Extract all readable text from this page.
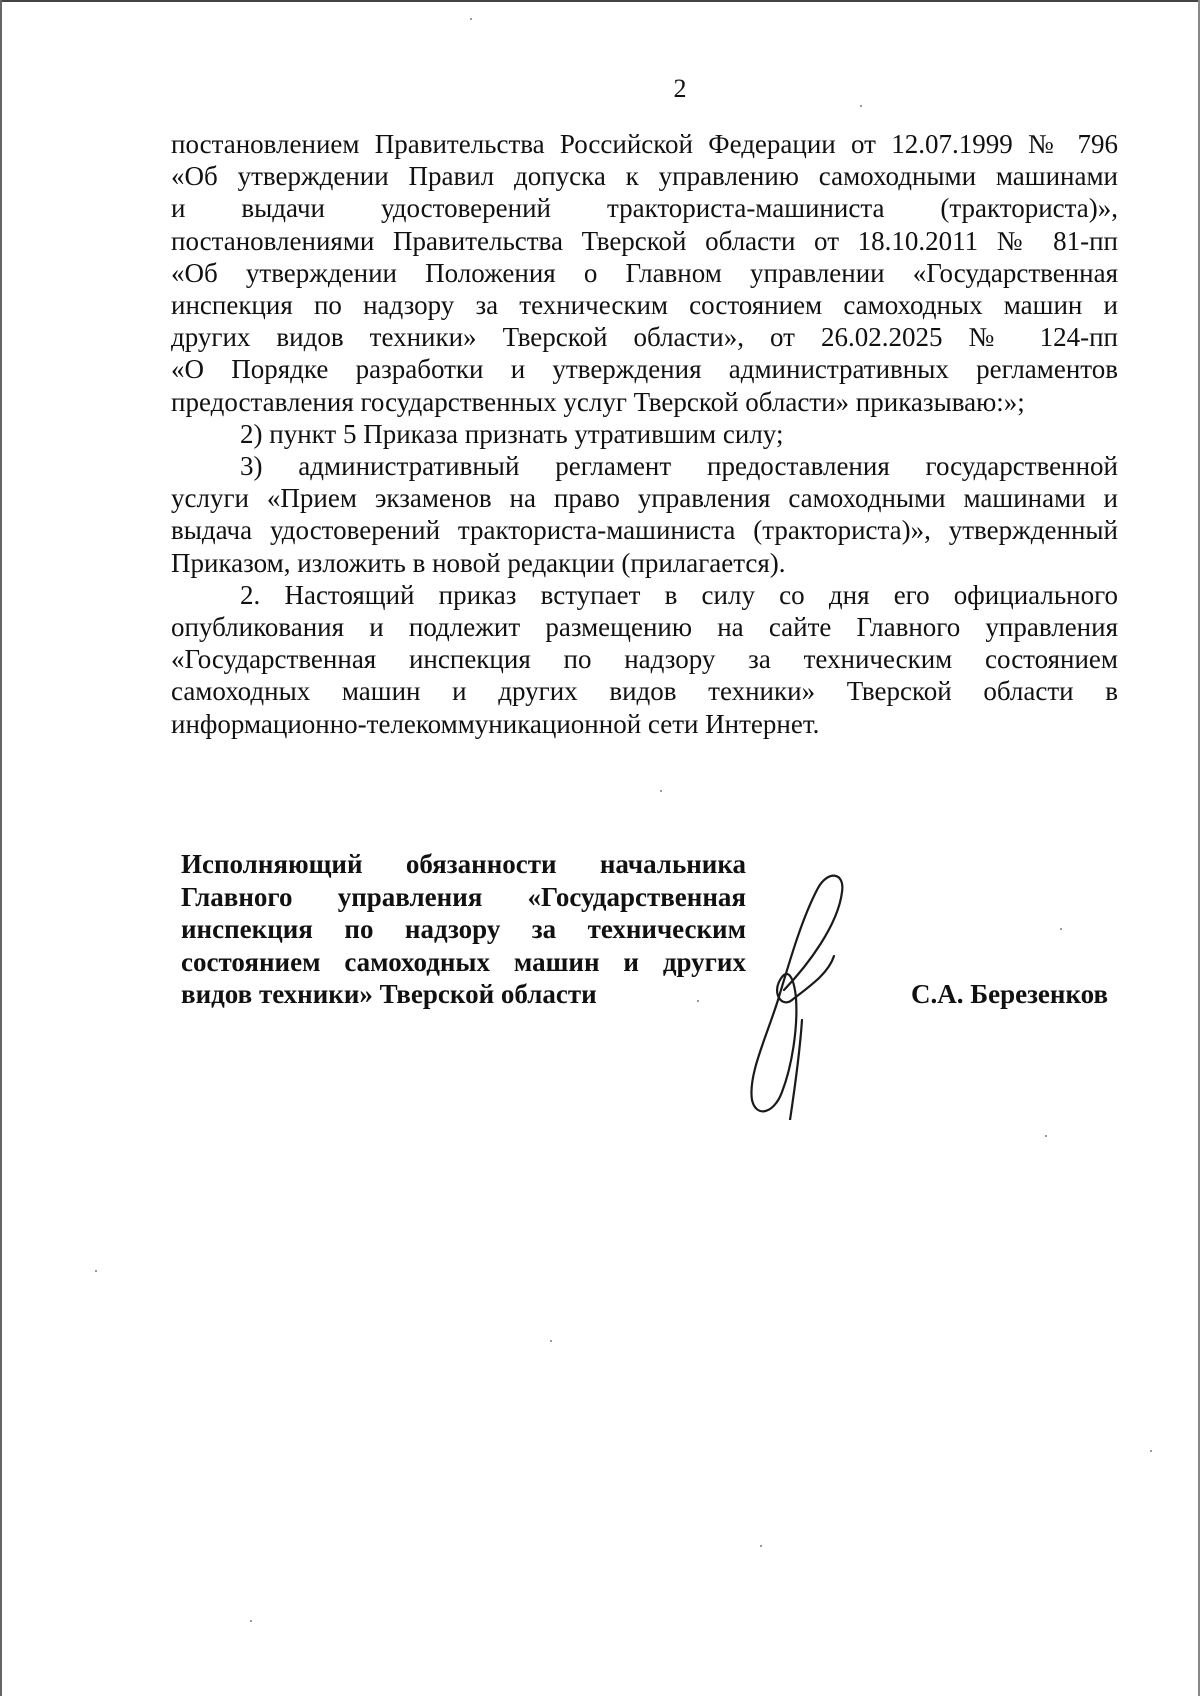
2

постановлением Правительства Российской Федерации от 12.07.1999 № 796
«Об утверждении Правил допуска к управлению самоходными машинами
и выдачи удостоверений тракториста-машиниста (тракториста)»,
постановлениями Правительства Тверской области от 18.10.2011 № 81-пп
«Об утверждении Положения о Главном управлении «Государственная
инспекция по надзору за техническим состоянием самоходных машин и
других видов техники» Тверской области», от 26.02.2025 № 124-пп
«О Порядке разработки и утверждения административных регламентов
предоставления государственных услуг Тверской области» приказываю:»;

2) пункт 5 Приказа признать утратившим силу;

3) административный регламент предоставления государственной
услуги «Прием экзаменов на право управления самоходными машинами и
выдача удостоверений тракториста-машиниста (тракториста)», утвержденный
Приказом, изложить в новой редакции (прилагается).

2. Настоящий приказ вступает в силу со дня его официального
опубликования и подлежит размещению на сайте Главного управления
«Государственная инспекция по надзору за техническим состоянием
самоходных машин и других видов техники» Тверской области в
информационно-телекоммуникационной сети Интернет.

Исполняющий обязанности начальника
Главного управления «Государственная
инспекция по надзору за техническим
состоянием самоходных машин и других
видов техники» Тверской области	С.А. Березенков
